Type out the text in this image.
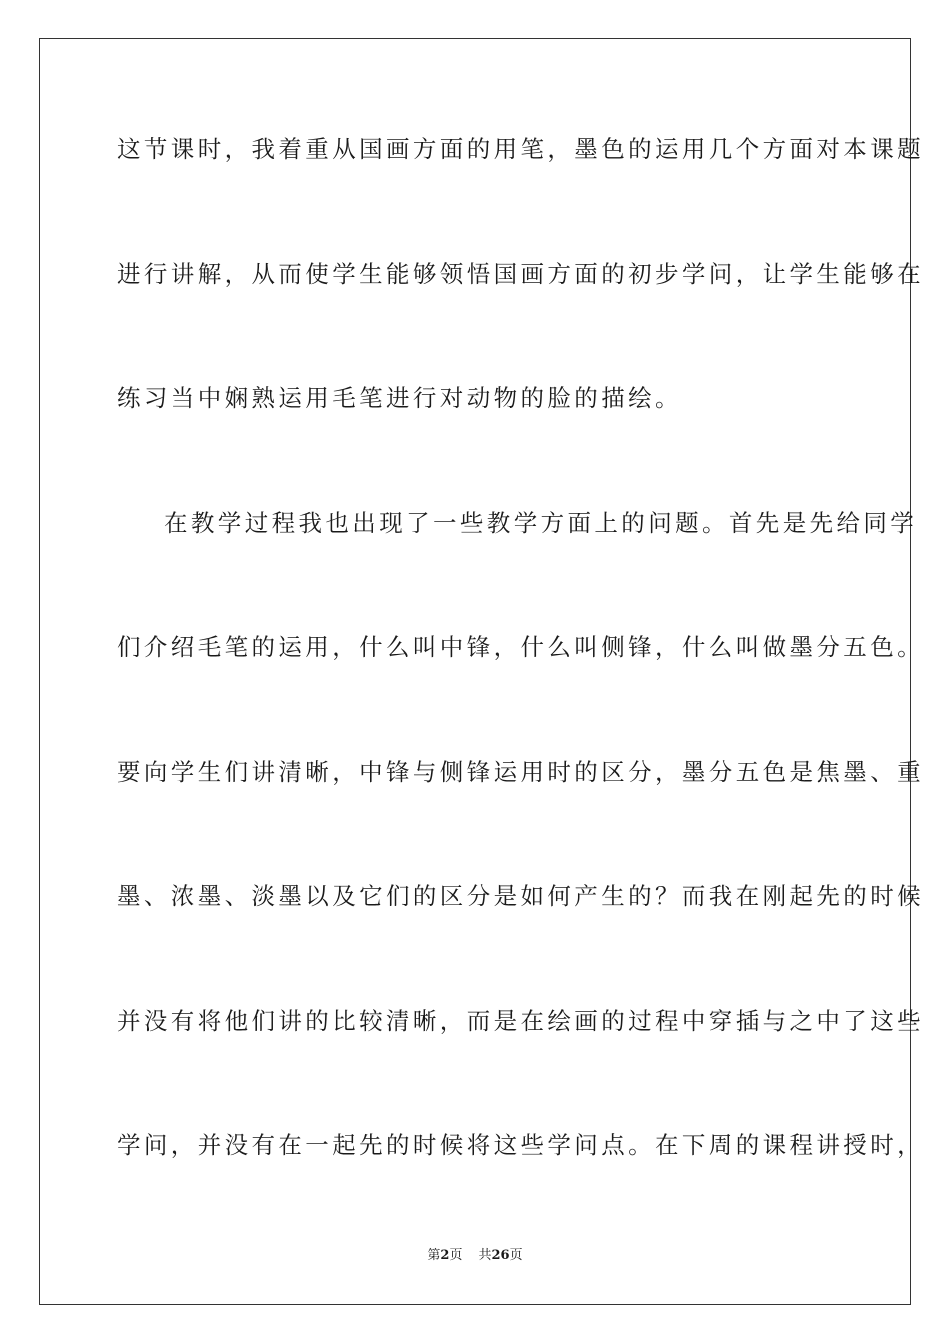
这节课时，我着重从国画方面的用笔，墨色的运用几个方面对本课题
进行讲解，从而使学生能够领悟国画方面的初步学问，让学生能够在
练习当中娴熟运用毛笔进行对动物的脸的描绘。
在教学过程我也出现了一些教学方面上的问题。首先是先给同学
们介绍毛笔的运用，什么叫中锋，什么叫侧锋，什么叫做墨分五色。
要向学生们讲清晰，中锋与侧锋运用时的区分，墨分五色是焦墨、重
墨、浓墨、淡墨以及它们的区分是如何产生的？而我在刚起先的时候
并没有将他们讲的比较清晰，而是在绘画的过程中穿插与之中了这些
学问，并没有在一起先的时候将这些学问点。在下周的课程讲授时，
第2页 共26页
